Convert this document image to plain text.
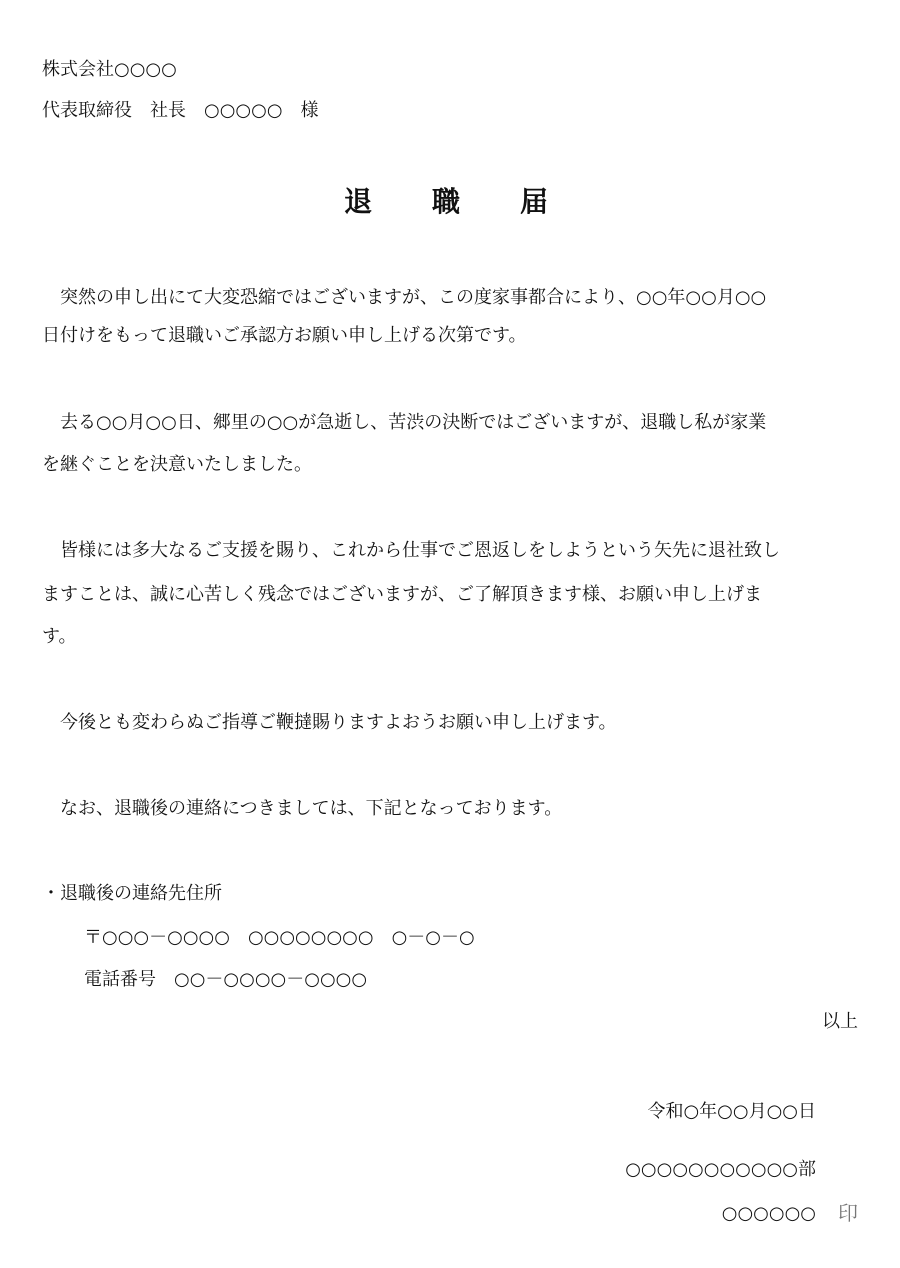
株式会社○○○○
代表取締役　社長　○○○○○　様
退職届
　突然の申し出にて大変恐縮ではございますが、この度家事都合により、○○年○○月○○
日付けをもって退職いご承認方お願い申し上げる次第です。
　去る○○月○○日、郷里の○○が急逝し、苦渋の決断ではございますが、退職し私が家業
を継ぐことを決意いたしました。
　皆様には多大なるご支援を賜り、これから仕事でご恩返しをしようという矢先に退社致し
ますことは、誠に心苦しく残念ではございますが、ご了解頂きます様、お願い申し上げま
す。
　今後とも変わらぬご指導ご鞭撻賜りますよおうお願い申し上げます。
　なお、退職後の連絡につきましては、下記となっております。
・退職後の連絡先住所
〒○○○－○○○○　○○○○○○○○　○－○－○
電話番号　○○－○○○○－○○○○
以上
令和○年○○月○○日
○○○○○○○○○○○部
○○○○○○ 印
